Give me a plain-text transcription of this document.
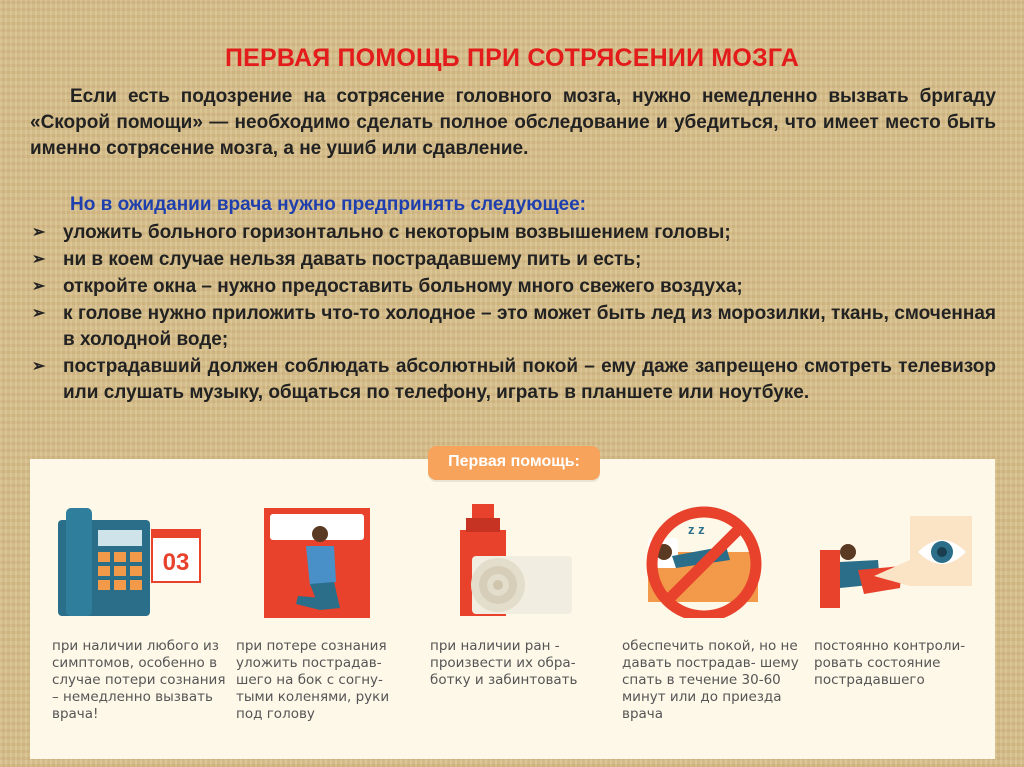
ПЕРВАЯ ПОМОЩЬ ПРИ СОТРЯСЕНИИ МОЗГА

Если есть подозрение на сотрясение головного мозга, нужно немедленно вызвать бригаду «Скорой помощи» — необходимо сделать полное обследование и убедиться, что имеет место быть именно сотрясение мозга, а не ушиб или сдавление.

Но в ожидании врача нужно предпринять следующее:
➢ уложить больного горизонтально с некоторым возвышением головы;
➢ ни в коем случае нельзя давать пострадавшему пить и есть;
➢ откройте окна – нужно предоставить больному много свежего воздуха;
➢ к голове нужно приложить что-то холодное – это может быть лед из морозилки, ткань, смоченная в холодной воде;
➢ пострадавший должен соблюдать абсолютный покой – ему даже запрещено смотреть телевизор или слушать музыку, общаться по телефону, играть в планшете или ноутбуке.
Первая помощь:
03
при наличии любого из симптомов, особенно в случае потери сознания – немедленно вызвать врача!
при потере сознания уложить пострадав- шего на бок с согну- тыми коленями, руки под голову
при наличии ран - произвести их обра- ботку и забинтовать
z z
обеспечить покой, но не давать пострадав- шему спать в течение 30-60 минут или до приезда врача
постоянно контроли- ровать состояние пострадавшего
